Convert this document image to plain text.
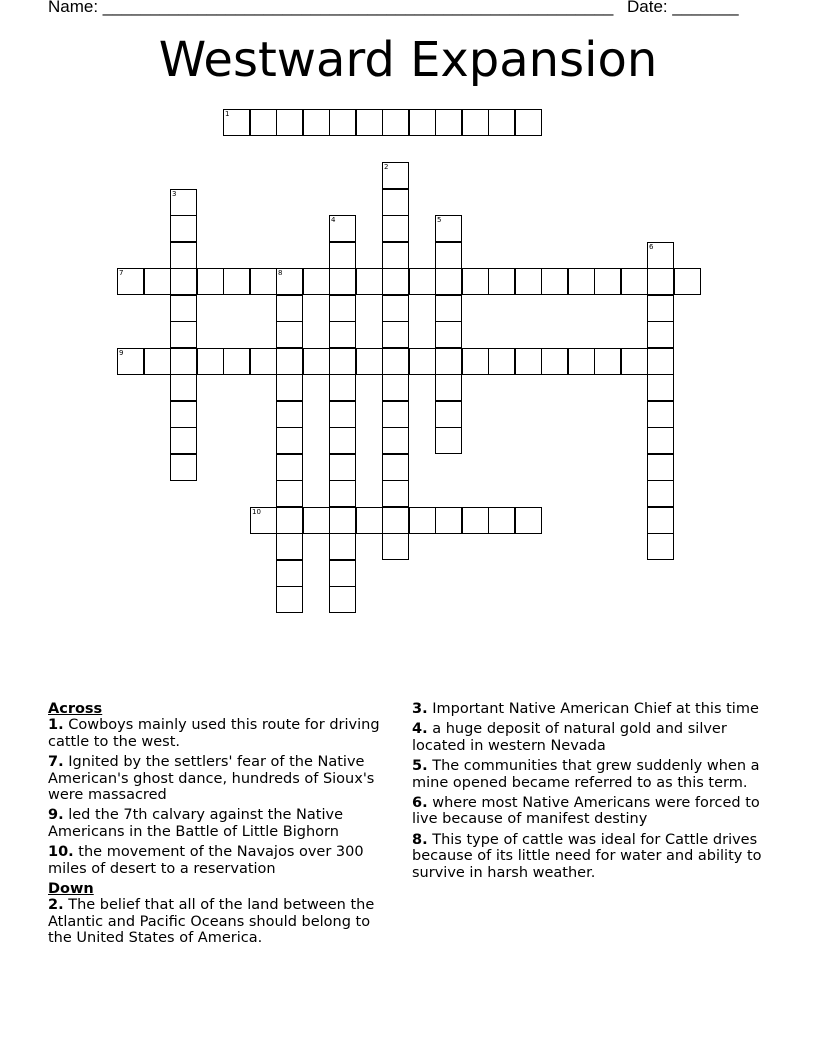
Name: ______________________________________________________ Date: _______
Westward Expansion
1
2
3
4	5
6
7	8
9
10
Across
1. Cowboys mainly used this route for driving cattle to the west.
7. Ignited by the settlers' fear of the Native American's ghost dance, hundreds of Sioux's were massacred
9. led the 7th calvary against the Native Americans in the Battle of Little Bighorn
10. the movement of the Navajos over 300 miles of desert to a reservation
Down
2. The belief that all of the land between the Atlantic and Pacific Oceans should belong to the United States of America.
3. Important Native American Chief at this time
4. a huge deposit of natural gold and silver located in western Nevada
5. The communities that grew suddenly when a mine opened became referred to as this term.
6. where most Native Americans were forced to live because of manifest destiny
8. This type of cattle was ideal for Cattle drives because of its little need for water and ability to survive in harsh weather.
